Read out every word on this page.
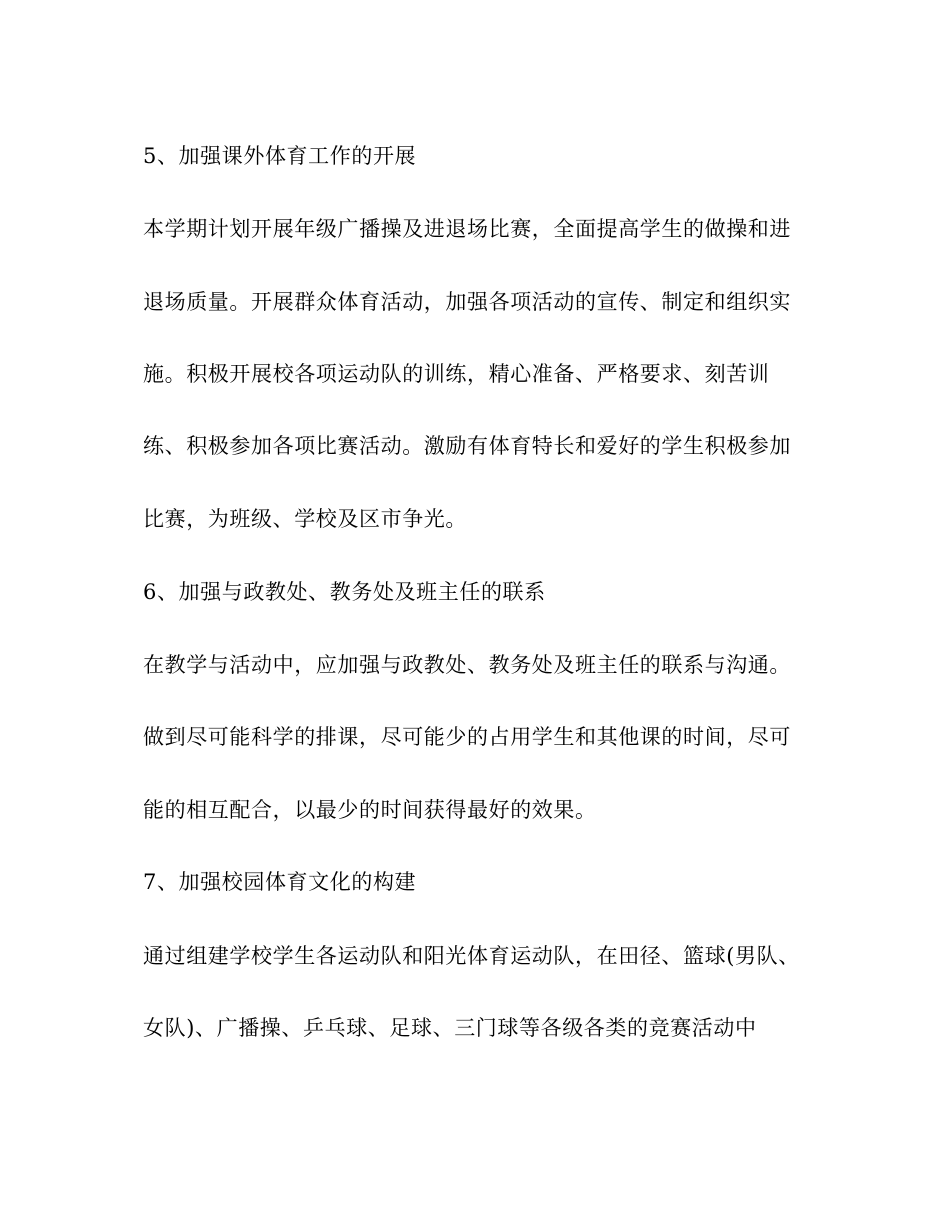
5、加强课外体育工作的开展
本学期计划开展年级广播操及进退场比赛，全面提高学生的做操和进
退场质量。开展群众体育活动，加强各项活动的宣传、制定和组织实
施。积极开展校各项运动队的训练，精心准备、严格要求、刻苦训
练、积极参加各项比赛活动。激励有体育特长和爱好的学生积极参加
比赛，为班级、学校及区市争光。
6、加强与政教处、教务处及班主任的联系
在教学与活动中，应加强与政教处、教务处及班主任的联系与沟通。
做到尽可能科学的排课，尽可能少的占用学生和其他课的时间，尽可
能的相互配合，以最少的时间获得最好的效果。
7、加强校园体育文化的构建
通过组建学校学生各运动队和阳光体育运动队，在田径、篮球(男队、
女队)、广播操、乒乓球、足球、三门球等各级各类的竞赛活动中
